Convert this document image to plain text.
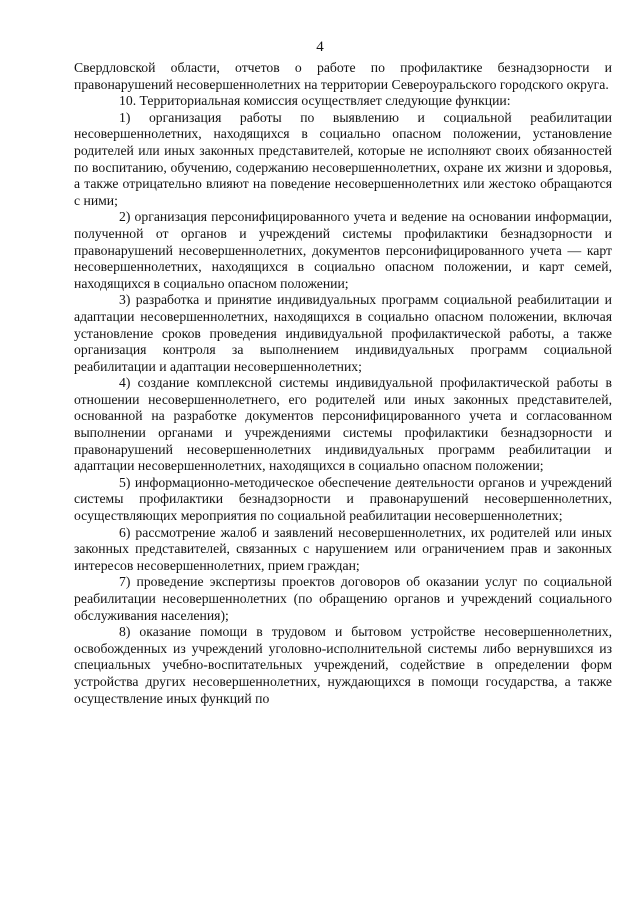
4

Свердловской области, отчетов о работе по профилактике безнадзорности и правонарушений несовершеннолетних на территории Североуральского городского округа.

10. Территориальная комиссия осуществляет следующие функции:

1) организация работы по выявлению и социальной реабилитации несовершеннолетних, находящихся в социально опасном положении, установление родителей или иных законных представителей, которые не исполняют своих обязанностей по воспитанию, обучению, содержанию несовершеннолетних, охране их жизни и здоровья, а также отрицательно влияют на поведение несовершеннолетних или жестоко обращаются с ними;

2) организация персонифицированного учета и ведение на основании информации, полученной от органов и учреждений системы профилактики безнадзорности и правонарушений несовершеннолетних, документов персонифицированного учета — карт несовершеннолетних, находящихся в социально опасном положении, и карт семей, находящихся в социально опасном положении;

3) разработка и принятие индивидуальных программ социальной реабилитации и адаптации несовершеннолетних, находящихся в социально опасном положении, включая установление сроков проведения индивидуальной профилактической работы, а также организация контроля за выполнением индивидуальных программ социальной реабилитации и адаптации несовершеннолетних;

4) создание комплексной системы индивидуальной профилактической работы в отношении несовершеннолетнего, его родителей или иных законных представителей, основанной на разработке документов персонифицированного учета и согласованном выполнении органами и учреждениями системы профилактики безнадзорности и правонарушений несовершеннолетних индивидуальных программ реабилитации и адаптации несовершеннолетних, находящихся в социально опасном положении;

5) информационно-методическое обеспечение деятельности органов и учреждений системы профилактики безнадзорности и правонарушений несовершеннолетних, осуществляющих мероприятия по социальной реабилитации несовершеннолетних;

6) рассмотрение жалоб и заявлений несовершеннолетних, их родителей или иных законных представителей, связанных с нарушением или ограничением прав и законных интересов несовершеннолетних, прием граждан;

7) проведение экспертизы проектов договоров об оказании услуг по социальной реабилитации несовершеннолетних (по обращению органов и учреждений социального обслуживания населения);

8) оказание помощи в трудовом и бытовом устройстве несовершеннолетних, освобожденных из учреждений уголовно-исполнительной системы либо вернувшихся из специальных учебно-воспитательных учреждений, содействие в определении форм устройства других несовершеннолетних, нуждающихся в помощи государства, а также осуществление иных функций по
